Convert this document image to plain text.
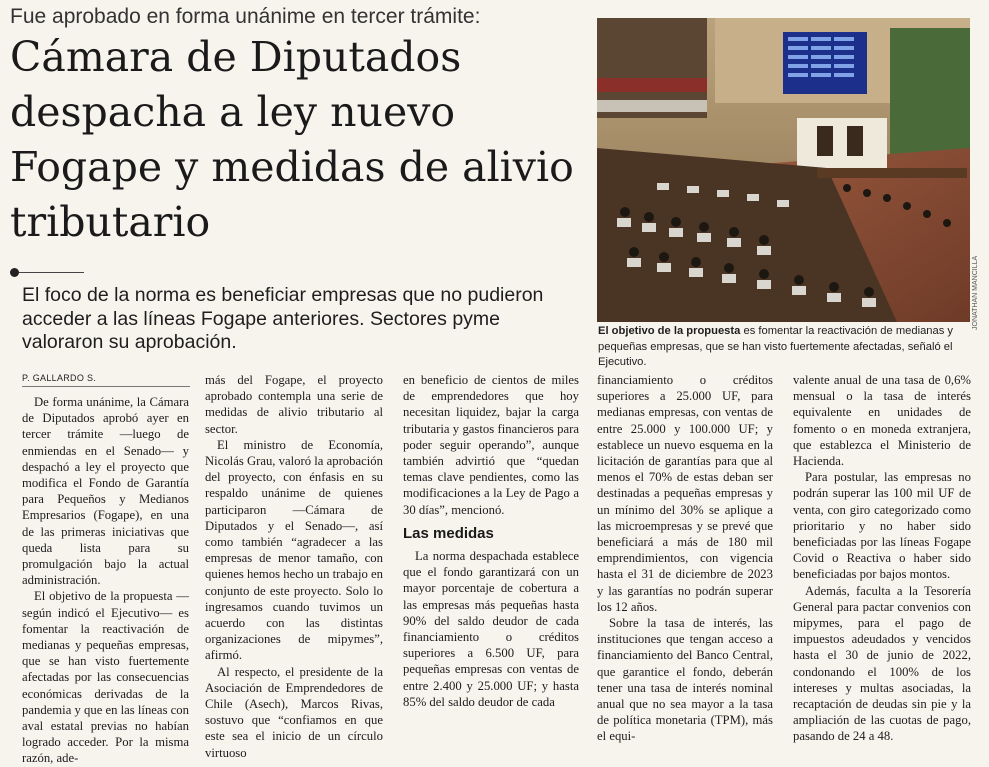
Fue aprobado en forma unánime en tercer trámite:
Cámara de Diputados despacha a ley nuevo Fogape y medidas de alivio tributario
El foco de la norma es beneficiar empresas que no pudieron acceder a las líneas Fogape anteriores. Sectores pyme valoraron su aprobación.
JONATHAN MANCILLA
El objetivo de la propuesta es fomentar la reactivación de medianas y pequeñas empresas, que se han visto fuertemente afectadas, señaló el Ejecutivo.
P. GALLARDO S.

De forma unánime, la Cámara de Diputados aprobó ayer en tercer trámite —luego de enmiendas en el Senado— y despachó a ley el proyecto que modifica el Fondo de Garantía para Pequeños y Medianos Empresarios (Fogape), en una de las primeras iniciativas que queda lista para su promulgación bajo la actual administración.

El objetivo de la propuesta —según indicó el Ejecutivo— es fomentar la reactivación de medianas y pequeñas empresas, que se han visto fuertemente afectadas por las consecuencias económicas derivadas de la pandemia y que en las líneas con aval estatal previas no habían logrado acceder. Por la misma razón, ade-

más del Fogape, el proyecto aprobado contempla una serie de medidas de alivio tributario al sector.

El ministro de Economía, Nicolás Grau, valoró la aprobación del proyecto, con énfasis en su respaldo unánime de quienes participaron —Cámara de Diputados y el Senado—, así como también “agradecer a las empresas de menor tamaño, con quienes hemos hecho un trabajo en conjunto de este proyecto. Solo lo ingresamos cuando tuvimos un acuerdo con las distintas organizaciones de mipymes”, afirmó.

Al respecto, el presidente de la Asociación de Emprendedores de Chile (Asech), Marcos Rivas, sostuvo que “confiamos en que este sea el inicio de un círculo virtuoso

en beneficio de cientos de miles de emprendedores que hoy necesitan liquidez, bajar la carga tributaria y gastos financieros para poder seguir operando”, aunque también advirtió que “quedan temas clave pendientes, como las modificaciones a la Ley de Pago a 30 días”, mencionó.

Las medidas

La norma despachada establece que el fondo garantizará con un mayor porcentaje de cobertura a las empresas más pequeñas hasta 90% del saldo deudor de cada financiamiento o créditos superiores a 6.500 UF, para pequeñas empresas con ventas de entre 2.400 y 25.000 UF; y hasta 85% del saldo deudor de cada

financiamiento o créditos superiores a 25.000 UF, para medianas empresas, con ventas de entre 25.000 y 100.000 UF; y establece un nuevo esquema en la licitación de garantías para que al menos el 70% de estas deban ser destinadas a pequeñas empresas y un mínimo del 30% se aplique a las microempresas y se prevé que beneficiará a más de 180 mil emprendimientos, con vigencia hasta el 31 de diciembre de 2023 y las garantías no podrán superar los 12 años.

Sobre la tasa de interés, las instituciones que tengan acceso a financiamiento del Banco Central, que garantice el fondo, deberán tener una tasa de interés nominal anual que no sea mayor a la tasa de política monetaria (TPM), más el equi-

valente anual de una tasa de 0,6% mensual o la tasa de interés equivalente en unidades de fomento o en moneda extranjera, que establezca el Ministerio de Hacienda.

Para postular, las empresas no podrán superar las 100 mil UF de venta, con giro categorizado como prioritario y no haber sido beneficiadas por las líneas Fogape Covid o Reactiva o haber sido beneficiadas por bajos montos.

Además, faculta a la Tesorería General para pactar convenios con mipymes, para el pago de impuestos adeudados y vencidos hasta el 30 de junio de 2022, condonando el 100% de los intereses y multas asociadas, la recaptación de deudas sin pie y la ampliación de las cuotas de pago, pasando de 24 a 48.
